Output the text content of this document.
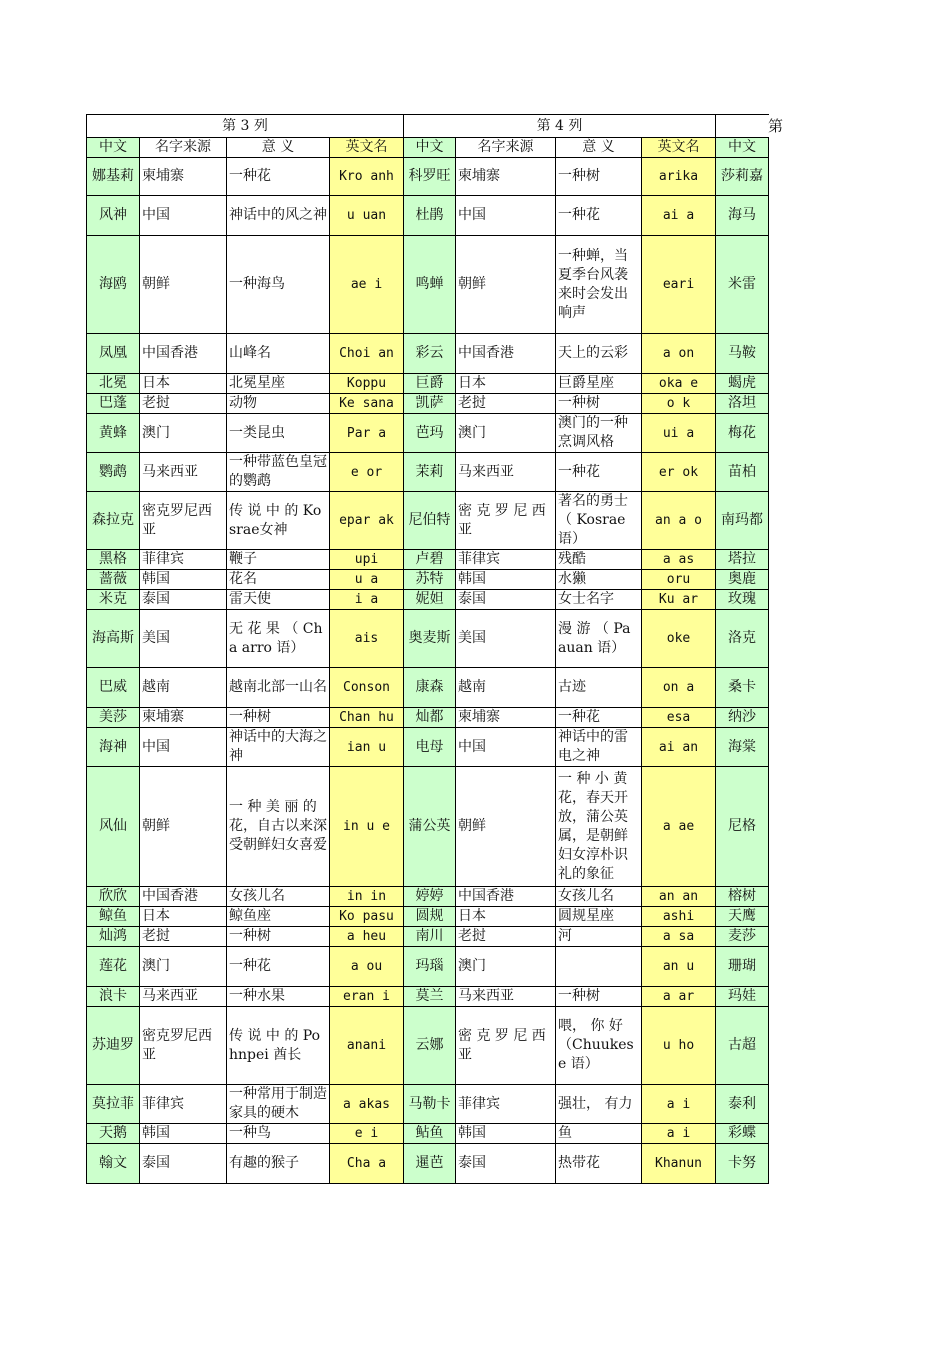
第 3 列				第 4 列				
中文	名字来源	意 义	英文名	中文	名字来源	意 义	英文名	中文
娜基莉	柬埔寨	一种花	Kro anh	科罗旺	柬埔寨	一种树	arika	莎莉嘉
风神	中国	神话中的风之神	u uan	杜鹃	中国	一种花	ai a	海马
海鸥	朝鲜	一种海鸟	ae i	鸣蝉	朝鲜	一种蝉，当夏季台风袭来时会发出响声	eari	米雷
凤凰	中国香港	山峰名	Choi an	彩云	中国香港	天上的云彩	a on	马鞍
北冕	日本	北冕星座	Koppu	巨爵	日本	巨爵星座	oka e	蝎虎
巴蓬	老挝	动物	Ke sana	凯萨	老挝	一种树	o k	洛坦
黄蜂	澳门	一类昆虫	Par a	芭玛	澳门	澳门的一种烹调风格	ui a	梅花
鹦鹉	马来西亚	一种带蓝色皇冠的鹦鹉	e or	茉莉	马来西亚	一种花	er ok	苗柏
森拉克	密克罗尼西亚	传 说 中 的 Kosrae女神	epar ak	尼伯特	密 克 罗 尼 西 亚	著名的勇士（ Kosrae语）	an a o	南玛都
黑格	菲律宾	鞭子	upi	卢碧	菲律宾	残酷	a as	塔拉
蔷薇	韩国	花名	u a	苏特	韩国	水獭	oru	奥鹿
米克	泰国	雷天使	i a	妮妲	泰国	女士名字	Ku ar	玫瑰
海高斯	美国	无 花 果 （ Cha arro 语）	ais	奥麦斯	美国	漫 游 （ Pa auan 语）	oke	洛克
巴威	越南	越南北部一山名	Conson	康森	越南	古迹	on a	桑卡
美莎	柬埔寨	一种树	Chan hu	灿都	柬埔寨	一种花	esa	纳沙
海神	中国	神话中的大海之神	ian u	电母	中国	神话中的雷电之神	ai an	海棠
风仙	朝鲜	一 种 美 丽 的花，自古以来深受朝鲜妇女喜爱	in u e	蒲公英	朝鲜	一 种 小 黄 花，春天开放，蒲公英属，是朝鲜妇女淳朴识礼的象征	a ae	尼格
欣欣	中国香港	女孩儿名	in in	婷婷	中国香港	女孩儿名	an an	榕树
鲸鱼	日本	鲸鱼座	Ko pasu	圆规	日本	圆规星座	ashi	天鹰
灿鸿	老挝	一种树	a heu	南川	老挝	河	a sa	麦莎
莲花	澳门	一种花	a ou	玛瑙	澳门		an u	珊瑚
浪卡	马来西亚	一种水果	eran i	莫兰	马来西亚	一种树	a ar	玛娃
苏迪罗	密克罗尼西亚	传 说 中 的 Pohnpei 酋长	anani	云娜	密 克 罗 尼 西 亚	喂， 你 好（Chuukese 语）	u ho	古超
莫拉菲	菲律宾	一种常用于制造家具的硬木	a akas	马勒卡	菲律宾	强壮， 有力	a i	泰利
天鹅	韩国	一种鸟	e i	鲇鱼	韩国	鱼	a i	彩蝶
翰文	泰国	有趣的猴子	Cha a	暹芭	泰国	热带花	Khanun	卡努
第
